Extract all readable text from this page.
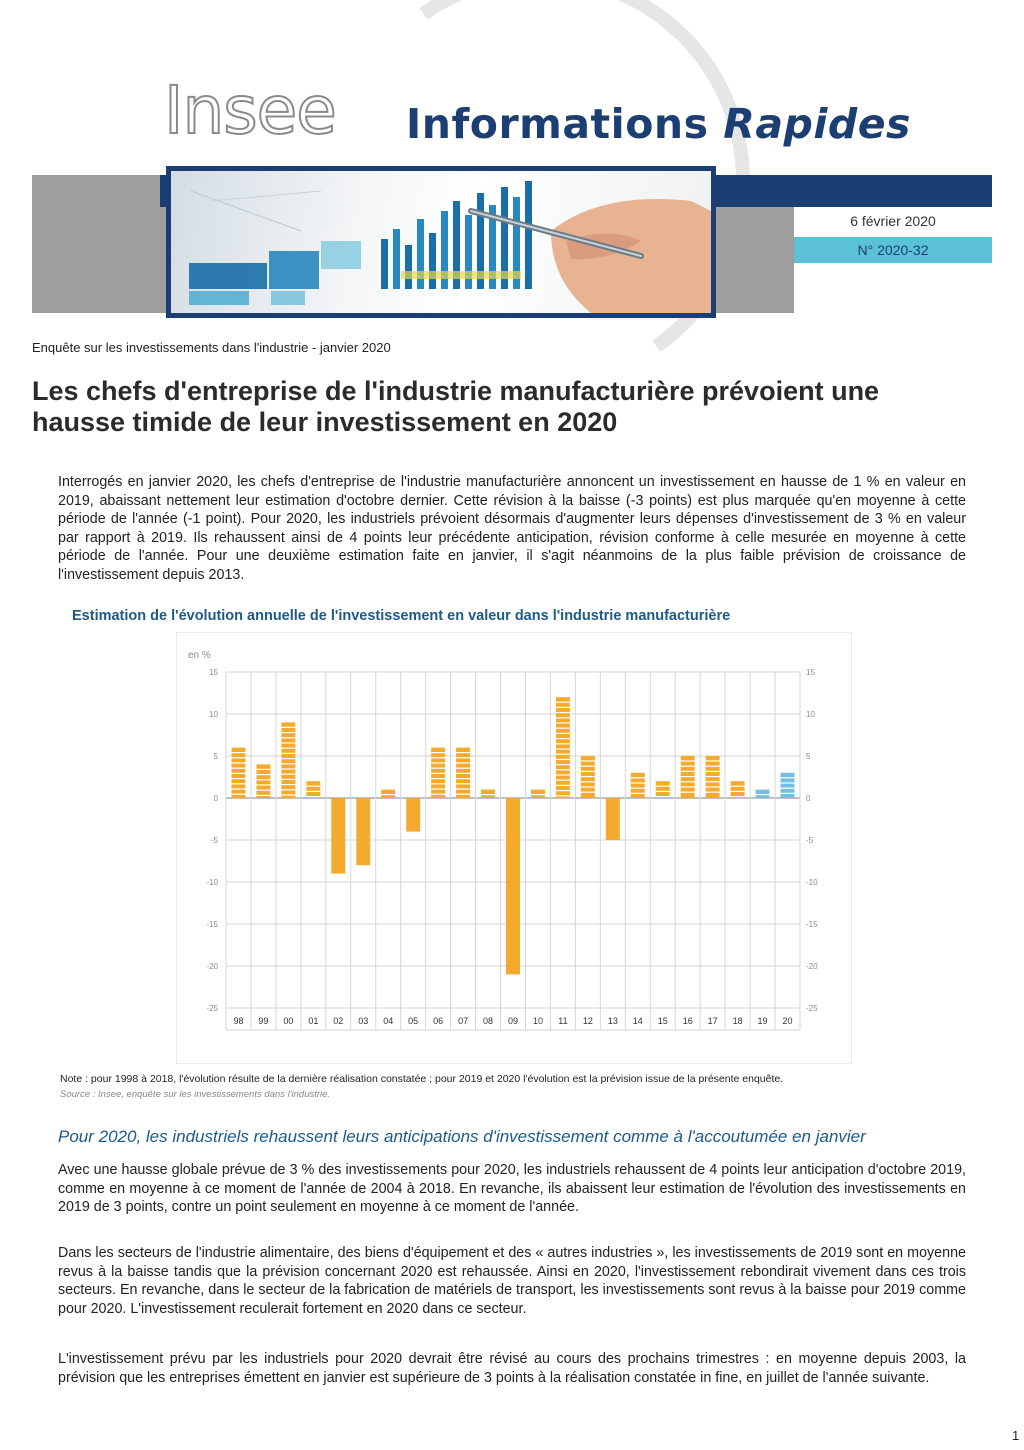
Insee Informations Rapides
6 février 2020
N° 2020-32
Enquête sur les investissements dans l'industrie - janvier 2020
Les chefs d'entreprise de l'industrie manufacturière prévoient une hausse timide de leur investissement en 2020

Interrogés en janvier 2020, les chefs d'entreprise de l'industrie manufacturière annoncent un investissement en hausse de 1 % en valeur en 2019, abaissant nettement leur estimation d'octobre dernier. Cette révision à la baisse (-3 points) est plus marquée qu'en moyenne à cette période de l'année (-1 point). Pour 2020, les industriels prévoient désormais d'augmenter leurs dépenses d'investissement de 3 % en valeur par rapport à 2019. Ils rehaussent ainsi de 4 points leur précédente anticipation, révision conforme à celle mesurée en moyenne à cette période de l'année. Pour une deuxième estimation faite en janvier, il s'agit néanmoins de la plus faible prévision de croissance de l'investissement depuis 2013.

Estimation de l'évolution annuelle de l'investissement en valeur dans l'industrie manufacturière
15	15
10	10
5	5
0	0
-5	-5
-10	-10
-15	-15
-20	-20
-25	-25
en %
98 99 00 01 02 03 04 05 06 07 08 09 10 11 12 13 14 15 16 17 18 19 20
Note : pour 1998 à 2018, l'évolution résulte de la dernière réalisation constatée ; pour 2019 et 2020 l'évolution est la prévision issue de la présente enquête.
Source : Insee, enquête sur les investissements dans l'industrie.
Pour 2020, les industriels rehaussent leurs anticipations d'investissement comme à l'accoutumée en janvier

Avec une hausse globale prévue de 3 % des investissements pour 2020, les industriels rehaussent de 4 points leur anticipation d'octobre 2019, comme en moyenne à ce moment de l'année de 2004 à 2018. En revanche, ils abaissent leur estimation de l'évolution des investissements en 2019 de 3 points, contre un point seulement en moyenne à ce moment de l'année.

Dans les secteurs de l'industrie alimentaire, des biens d'équipement et des « autres industries », les investissements de 2019 sont en moyenne revus à la baisse tandis que la prévision concernant 2020 est rehaussée. Ainsi en 2020, l'investissement rebondirait vivement dans ces trois secteurs. En revanche, dans le secteur de la fabrication de matériels de transport, les investissements sont revus à la baisse pour 2019 comme pour 2020. L'investissement reculerait fortement en 2020 dans ce secteur.

L'investissement prévu par les industriels pour 2020 devrait être révisé au cours des prochains trimestres : en moyenne depuis 2003, la prévision que les entreprises émettent en janvier est supérieure de 3 points à la réalisation constatée in fine, en juillet de l'année suivante.

1
